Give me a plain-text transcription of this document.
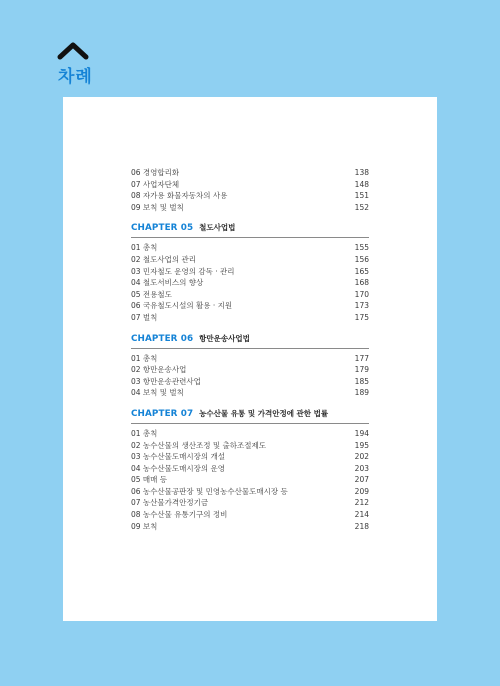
차례
06 경영합리화	138
07 사업자단체	148
08 자가용 화물자동차의 사용	151
09 보칙 및 벌칙	152
CHAPTER 05 철도사업법
01 총칙	155
02 철도사업의 관리	156
03 민자철도 운영의 감독 · 관리	165
04 철도서비스의 향상	168
05 전용철도	170
06 국유철도시설의 활용 · 지원	173
07 벌칙	175
CHAPTER 06 항만운송사업법
01 총칙	177
02 항만운송사업	179
03 항만운송관련사업	185
04 보칙 및 벌칙	189
CHAPTER 07 농수산물 유통 및 가격안정에 관한 법률
01 총칙	194
02 농수산물의 생산조정 및 출하조절제도	195
03 농수산물도매시장의 개설	202
04 농수산물도매시장의 운영	203
05 매매 등	207
06 농수산물공판장 및 민영농수산물도매시장 등	209
07 농산물가격안정기금	212
08 농수산물 유통기구의 정비	214
09 보칙	218
